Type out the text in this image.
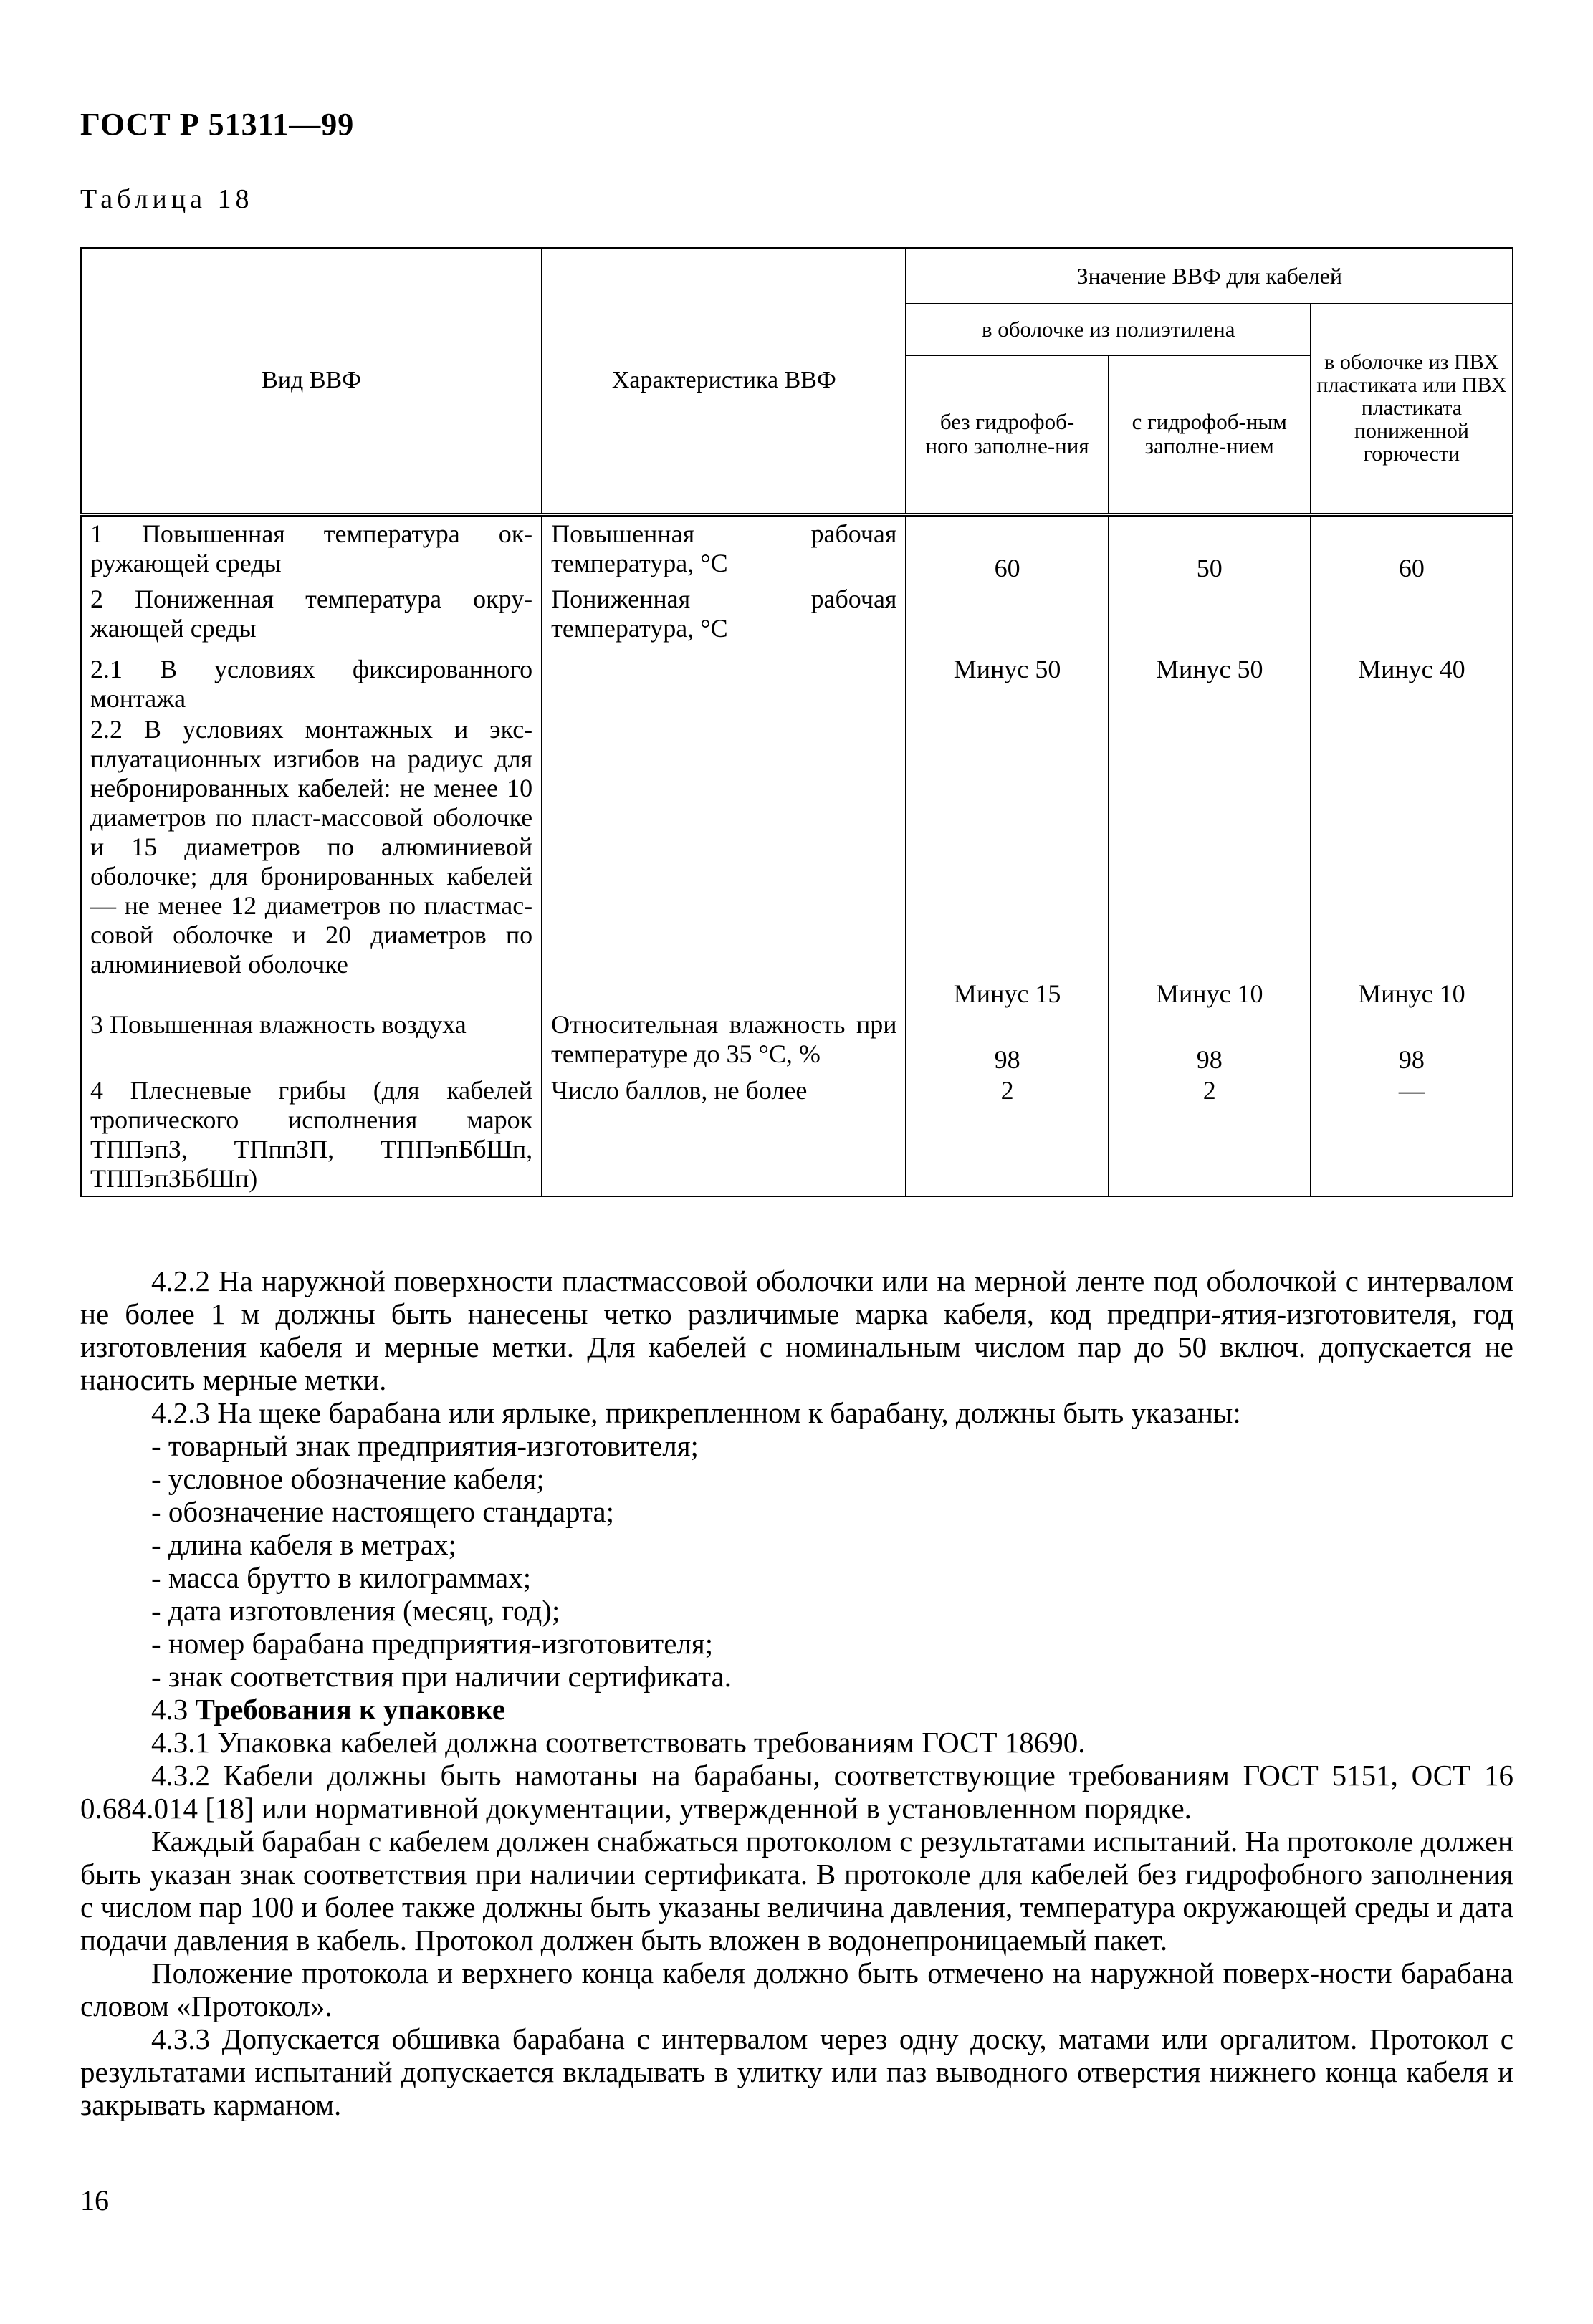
ГОСТ Р 51311—99
Таблица 18
Вид ВВФ	Характеристика ВВФ	Значение ВВФ для кабелей		
		в оболочке из полиэтилена		в оболочке из ПВХ пластиката или ПВХ пластиката пониженной горючести
		без гидрофоб-ного заполне-ния	с гидрофоб-ным заполне-нием	
1 Повышенная температура ок-ружающей среды	Повышенная рабочая температура, °С	60	50	60
2 Пониженная температура окру-жающей среды	Пониженная рабочая температура, °С			
2.1 В условиях фиксированного монтажа		Минус 50	Минус 50	Минус 40
2.2 В условиях монтажных и экс-плуатационных изгибов на радиус для небронированных кабелей: не менее 10 диаметров по пласт-массовой оболочке и 15 диаметров по алюминиевой оболочке; для бронированных кабелей — не менее 12 диаметров по пластмас-совой оболочке и 20 диаметров по алюминиевой оболочке		Минус 15	Минус 10	Минус 10
3 Повышенная влажность воздуха	Относительная влажность при температуре до 35 °С, %	98	98	98
4 Плесневые грибы (для кабелей тропического исполнения марок ТППэпЗ, ТПппЗП, ТППэпБбШп, ТППэпЗБбШп)	Число баллов, не более	2	2	—

4.2.2 На наружной поверхности пластмассовой оболочки или на мерной ленте под оболочкой с интервалом не более 1 м должны быть нанесены четко различимые марка кабеля, код предпри-ятия-изготовителя, год изготовления кабеля и мерные метки. Для кабелей с номинальным числом пар до 50 включ. допускается не наносить мерные метки.

4.2.3 На щеке барабана или ярлыке, прикрепленном к барабану, должны быть указаны:

- товарный знак предприятия-изготовителя;

- условное обозначение кабеля;

- обозначение настоящего стандарта;

- длина кабеля в метрах;

- масса брутто в килограммах;

- дата изготовления (месяц, год);

- номер барабана предприятия-изготовителя;

- знак соответствия при наличии сертификата.

4.3 Требования к упаковке

4.3.1 Упаковка кабелей должна соответствовать требованиям ГОСТ 18690.

4.3.2 Кабели должны быть намотаны на барабаны, соответствующие требованиям ГОСТ 5151, ОСТ 16 0.684.014 [18] или нормативной документации, утвержденной в установленном порядке.

Каждый барабан с кабелем должен снабжаться протоколом с результатами испытаний. На протоколе должен быть указан знак соответствия при наличии сертификата. В протоколе для кабелей без гидрофобного заполнения с числом пар 100 и более также должны быть указаны величина давления, температура окружающей среды и дата подачи давления в кабель. Протокол должен быть вложен в водонепроницаемый пакет.

Положение протокола и верхнего конца кабеля должно быть отмечено на наружной поверх-ности барабана словом «Протокол».

4.3.3 Допускается обшивка барабана с интервалом через одну доску, матами или оргалитом. Протокол с результатами испытаний допускается вкладывать в улитку или паз выводного отверстия нижнего конца кабеля и закрывать карманом.

16
